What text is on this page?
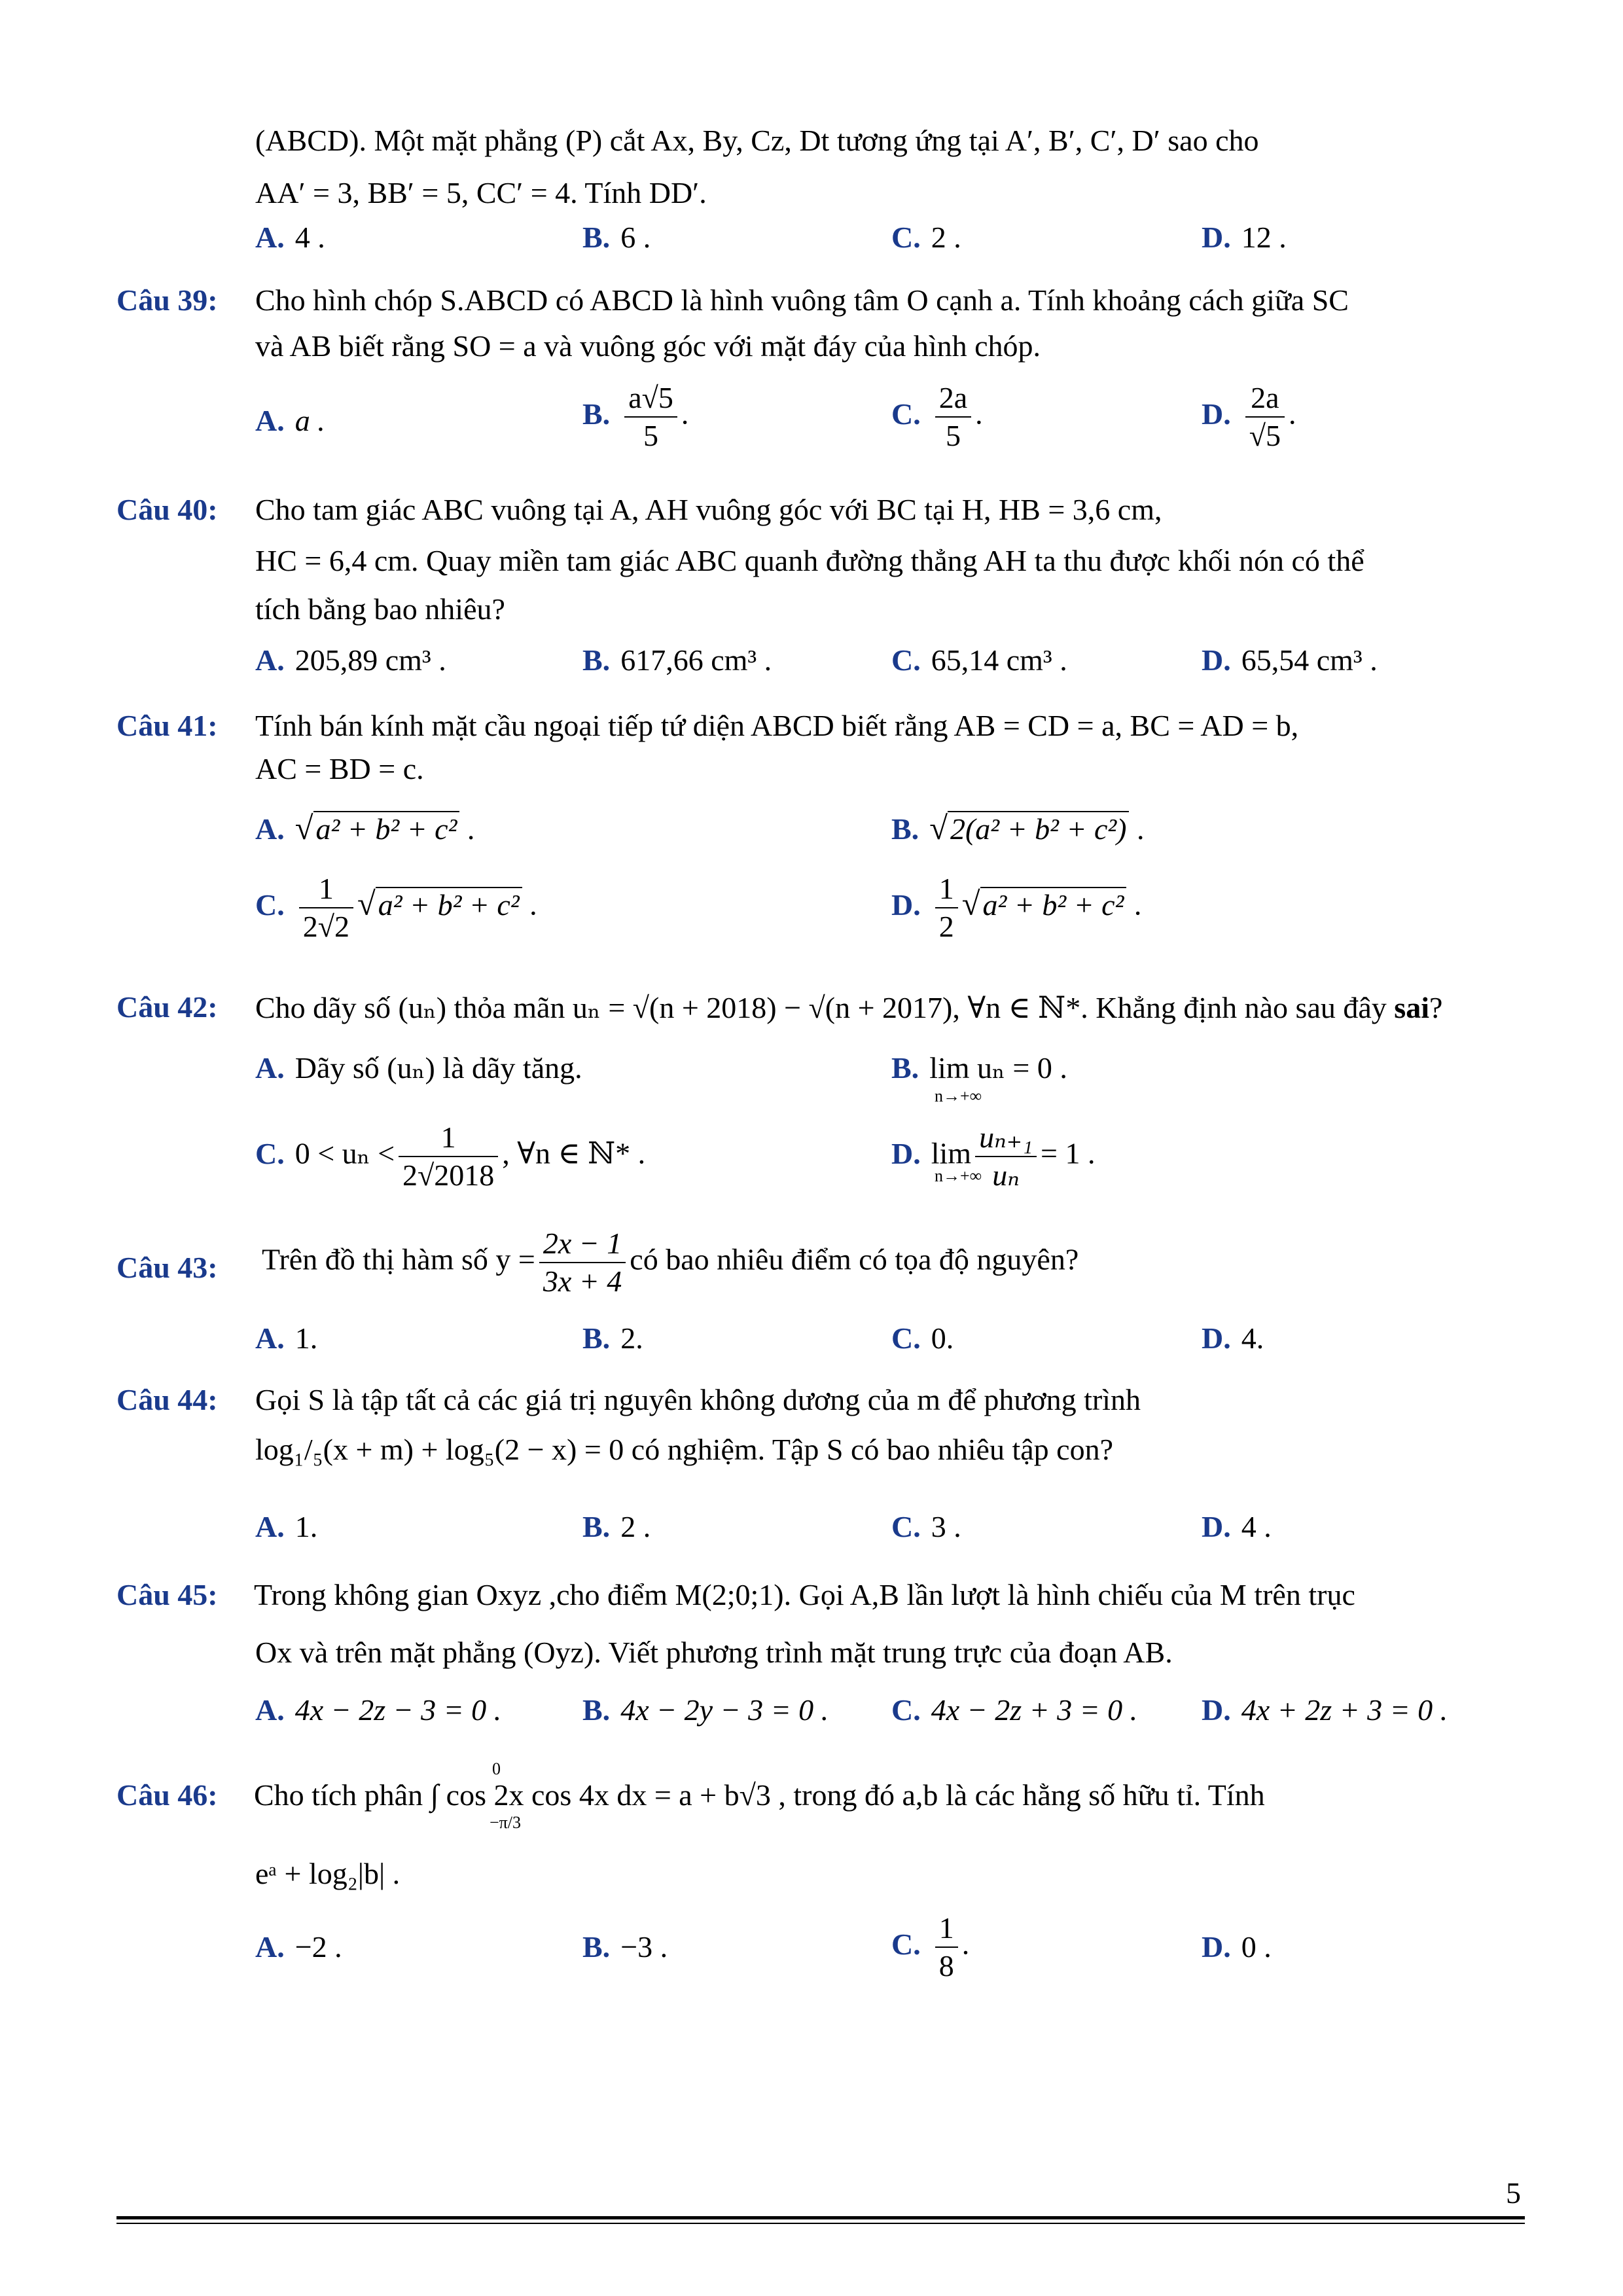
(ABCD). Một mặt phẳng (P) cắt Ax, By, Cz, Dt tương ứng tại A′, B′, C′, D′ sao cho
AA′ = 3, BB′ = 5, CC′ = 4. Tính DD′.
A. 4 .	B. 6 .	C. 2 .	D. 12 .
Câu 39: Cho hình chóp S.ABCD có ABCD là hình vuông tâm O cạnh a. Tính khoảng cách giữa SC
và AB biết rằng SO = a và vuông góc với mặt đáy của hình chóp.
A. a .	B. $\frac{a√5}{5}$ .	C. $\frac{2a}{5}$ .	D. $\frac{2a}{√5}$ .
Câu 40: Cho tam giác ABC vuông tại A, AH vuông góc với BC tại H, HB = 3,6 cm,
HC = 6,4 cm. Quay miền tam giác ABC quanh đường thẳng AH ta thu được khối nón có thể
tích bằng bao nhiêu?
A. 205,89 cm³ .	B. 617,66 cm³ .	C. 65,14 cm³ .	D. 65,54 cm³ .
Câu 41: Tính bán kính mặt cầu ngoại tiếp tứ diện ABCD biết rằng AB = CD = a, BC = AD = b,
AC = BD = c.
A. √a² + b² + c² .	B. √2(a² + b² + c²) .
C. $\frac{1}{2√2} √a^2 + b^2 + c^2$ .	D. $\frac{1}{2} √a^2 + b^2 + c^2$ .
Câu 42: Cho dãy số (uₙ) thỏa mãn uₙ = √(n + 2018) − √(n + 2017), ∀n ∈ ℕ*. Khẳng định nào sau đây sai?
A. Dãy số (uₙ) là dãy tăng.	B. lim uₙ = 0 .
n→+∞
C. $0 < u_n < \frac{1}{2√2018}$ , ∀n ∈ ℕ* .	D. $\lim \frac{\text{uₙ₊₁}}{\text{uₙ}} = 1$ .
n→+∞
Câu 43: Trên đồ thị hàm số $y = \frac{2x - 1}{3x + 4}$ có bao nhiêu điểm có tọa độ nguyên?
A. 1.	B. 2.	C. 0.	D. 4.
Câu 44: Gọi S là tập tất cả các giá trị nguyên không dương của m để phương trình
log₁/₅(x + m) + log₅(2 − x) = 0 có nghiệm. Tập S có bao nhiêu tập con?
A. 1.	B. 2 .	C. 3 .	D. 4 .
Câu 45: Trong không gian Oxyz ,cho điểm M(2;0;1). Gọi A,B lần lượt là hình chiếu của M trên trục
Ox và trên mặt phẳng (Oyz). Viết phương trình mặt trung trực của đoạn AB.
A. 4x − 2z − 3 = 0 .	B. 4x − 2y − 3 = 0 . C. 4x − 2z + 3 = 0 . D. 4x + 2z + 3 = 0 .
Câu 46: Cho tích phân ∫ cos 2x cos 4x dx = a + b√3 , trong đó a,b là các hằng số hữu tỉ. Tính
0
−π/3
eᵃ + log₂|b| .
A. −2 .	B. −3 .	C. $\frac{1}{8}$ .	D. 0 .
5
